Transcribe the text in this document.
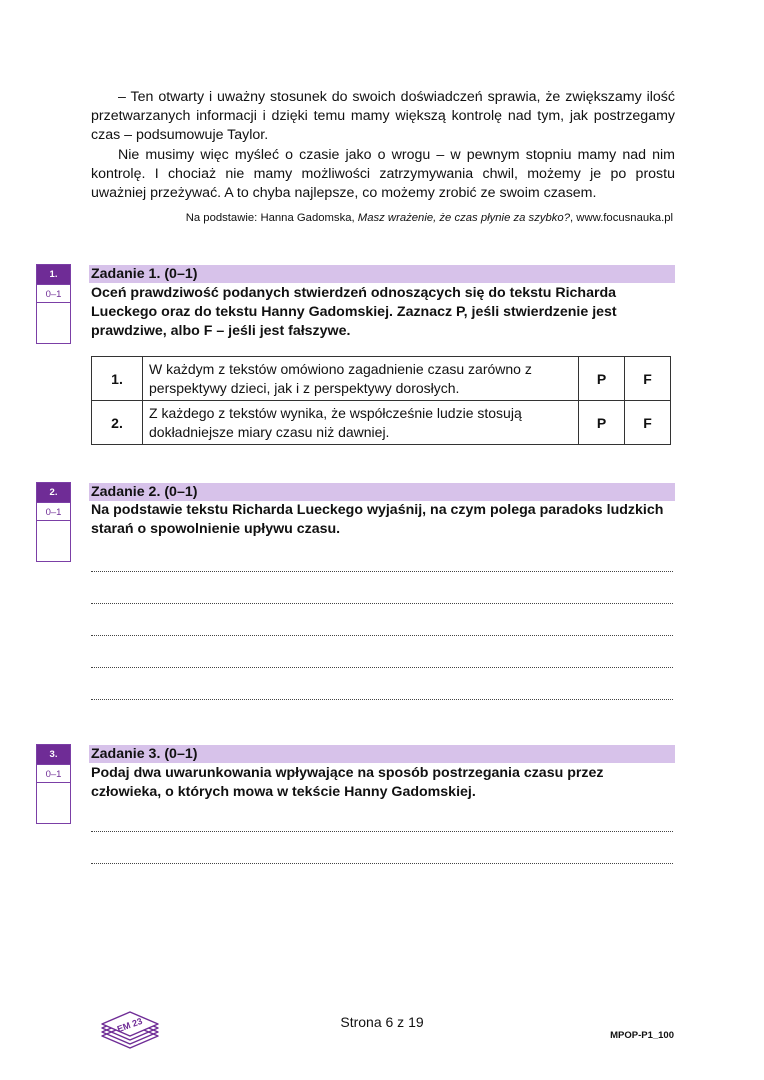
– Ten otwarty i uważny stosunek do swoich doświadczeń sprawia, że zwiększamy ilość przetwarzanych informacji i dzięki temu mamy większą kontrolę nad tym, jak postrzegamy czas – podsumowuje Taylor.

Nie musimy więc myśleć o czasie jako o wrogu – w pewnym stopniu mamy nad nim kontrolę. I chociaż nie mamy możliwości zatrzymywania chwil, możemy je po prostu uważniej przeżywać. A to chyba najlepsze, co możemy zrobić ze swoim czasem.

Na podstawie: Hanna Gadomska, Masz wrażenie, że czas płynie za szybko?, www.focusnauka.pl
1.
0–1
Zadanie 1. (0–1)
Oceń prawdziwość podanych stwierdzeń odnoszących się do tekstu Richarda Lueckego oraz do tekstu Hanny Gadomskiej. Zaznacz P, jeśli stwierdzenie jest prawdziwe, albo F – jeśli jest fałszywe.
1.	W każdym z tekstów omówiono zagadnienie czasu zarówno z perspektywy dzieci, jak i z perspektywy dorosłych.	P	F
2.	Z każdego z tekstów wynika, że współcześnie ludzie stosują dokładniejsze miary czasu niż dawniej.	P	F
2.
0–1
Zadanie 2. (0–1)
Na podstawie tekstu Richarda Lueckego wyjaśnij, na czym polega paradoks ludzkich starań o spowolnienie upływu czasu.
3.
0–1
Zadanie 3. (0–1)
Podaj dwa uwarunkowania wpływające na sposób postrzegania czasu przez człowieka, o których mowa w tekście Hanny Gadomskiej.
EM 23	Strona 6 z 19
MPOP-P1_100
